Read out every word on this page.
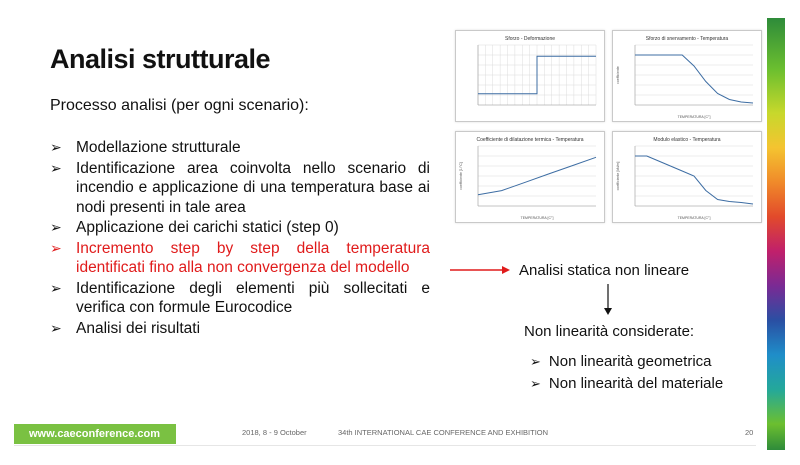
Analisi strutturale
Processo analisi (per ogni scenario):
➢ Modellazione strutturale
➢ Identificazione area coinvolta nello scenario di incendio e applicazione di una temperatura base ai nodi presenti in tale area
➢ Applicazione dei carichi statici (step 0)
➢ Incremento step by step della temperatura identificati fino alla non convergenza del modello
➢ Identificazione degli elementi più sollecitati e verifica con formule Eurocodice
➢ Analisi dei risultati
Sforzo - Deformazione	Sforzo di snervamento - Temperatura
TEMPERATURA [C°]
coefficiente
Coefficiente di dilatazione termica - Temperatura
TEMPERATURA [C°]
coefficiente [1/°C]
Modulo elastico - Temperatura
TEMPERATURA [C°]
coefficiente [kN/m]
Analisi statica non lineare
Non linearità considerate:
➢ Non linearità geometrica
➢ Non linearità del materiale
www.caeconference.com	2018, 8 - 9 October	34th INTERNATIONAL CAE CONFERENCE AND EXHIBITION	20
